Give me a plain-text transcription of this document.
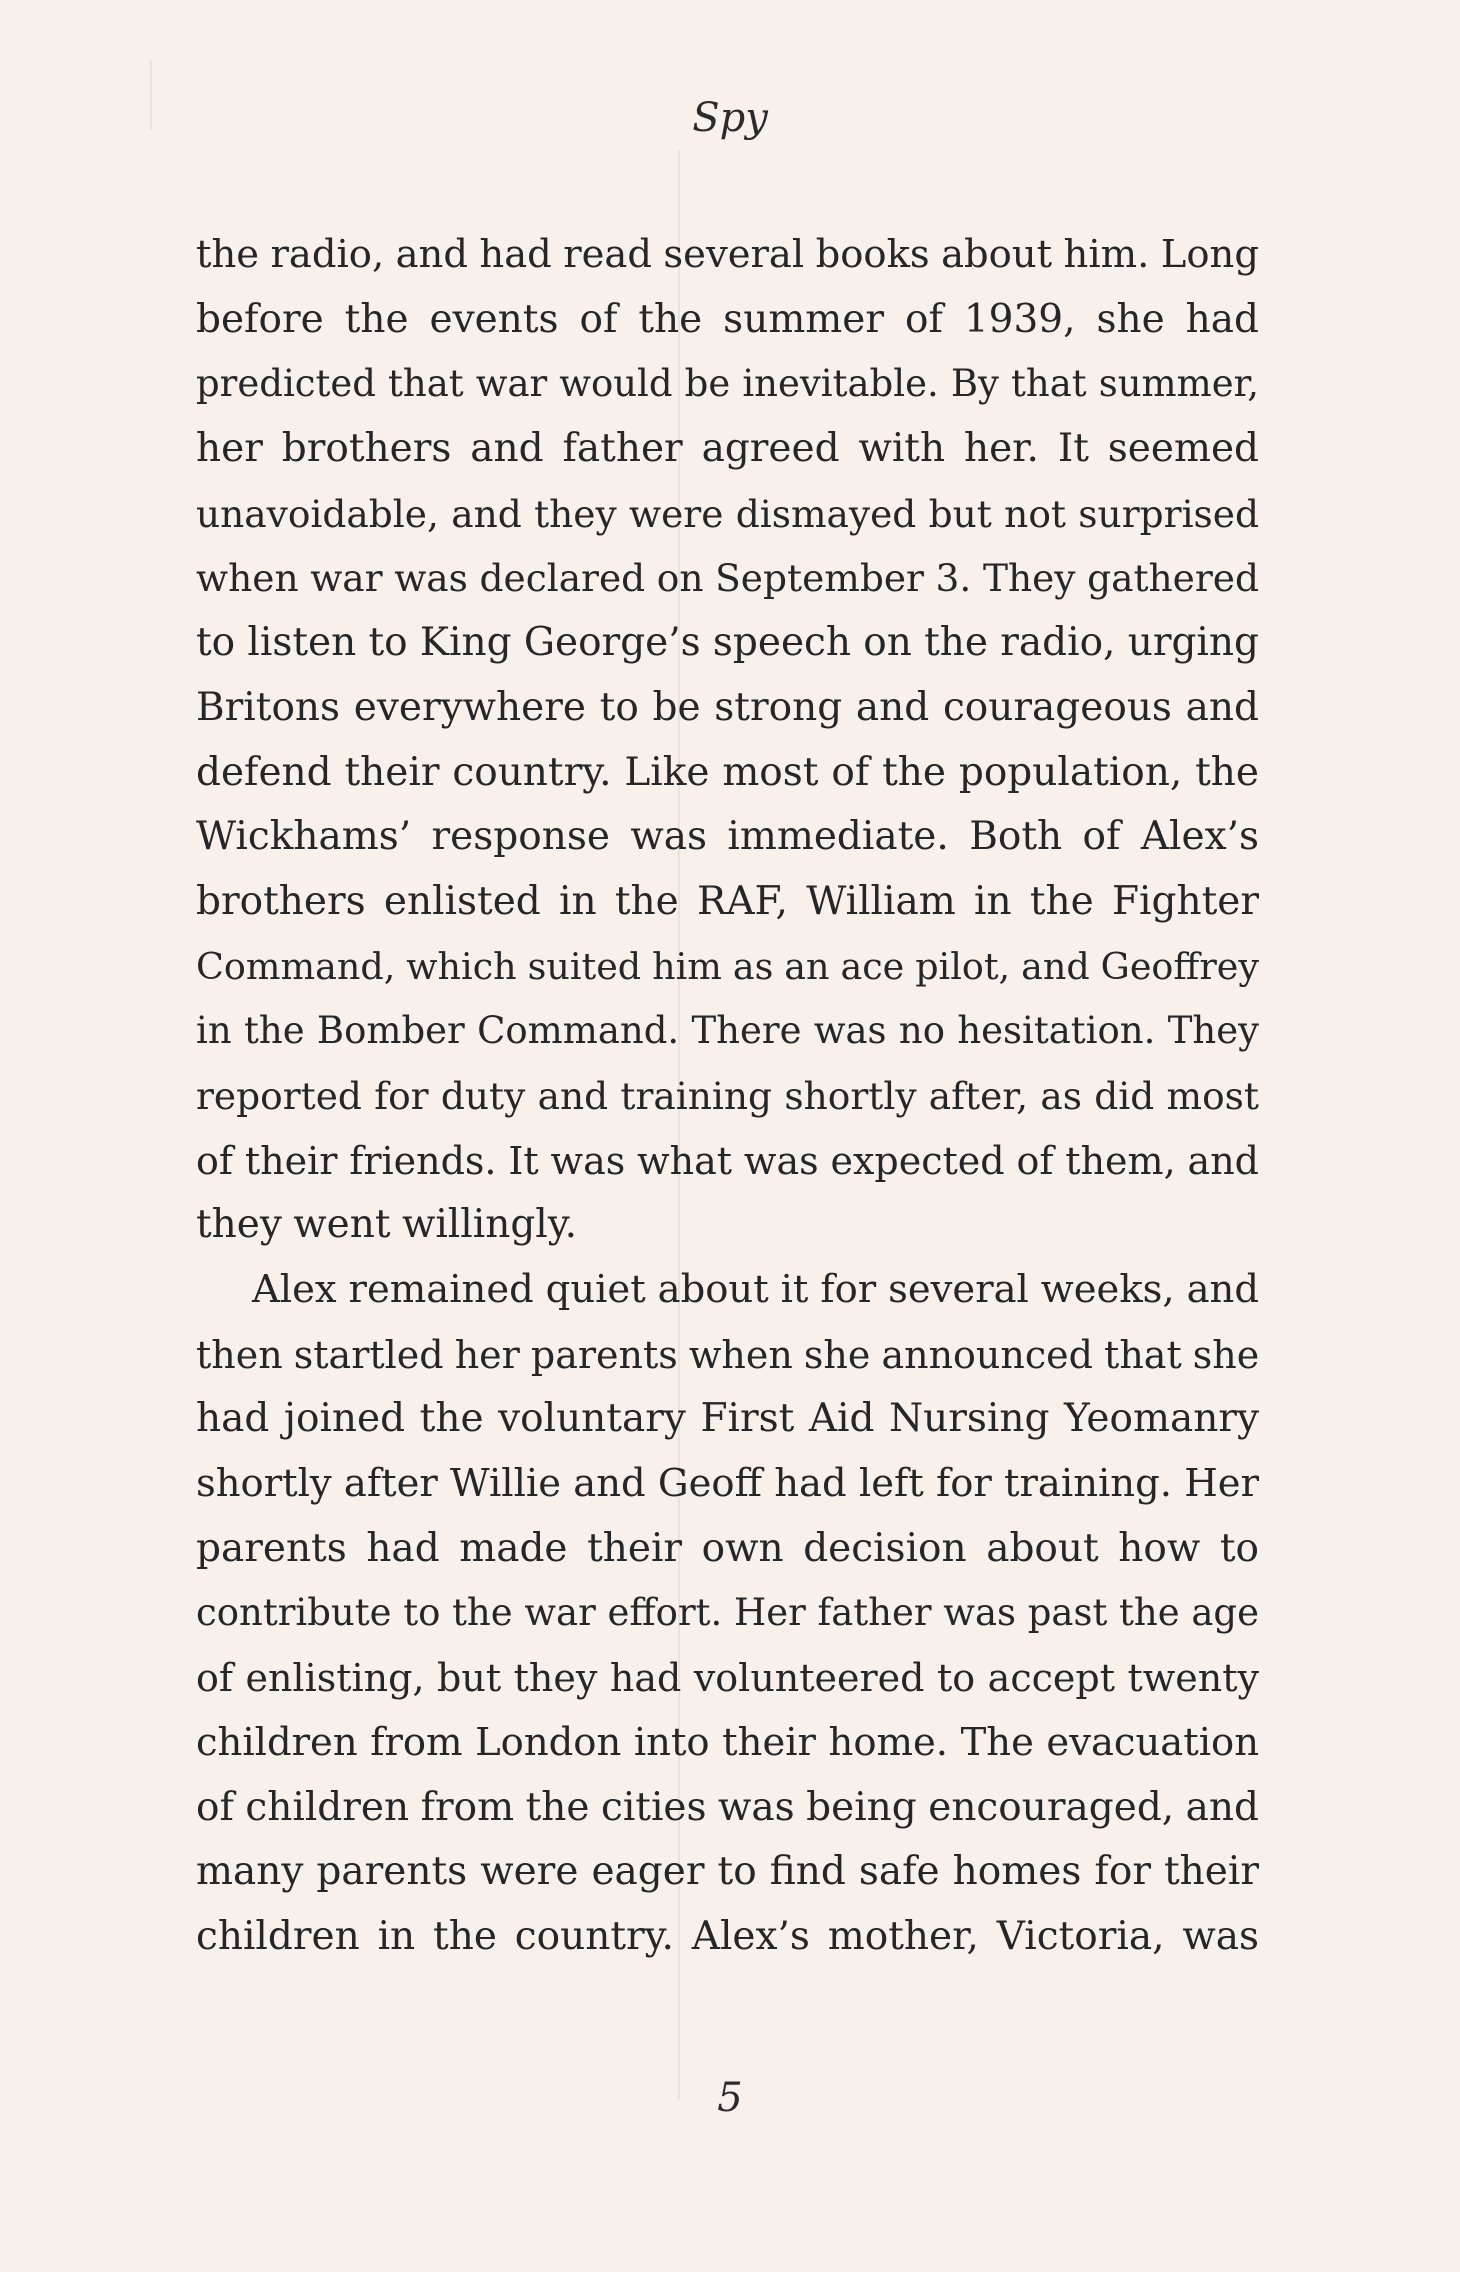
Spy
the radio, and had read several books about him. Long
before the events of the summer of 1939, she had
predicted that war would be inevitable. By that summer,
her brothers and father agreed with her. It seemed
unavoidable, and they were dismayed but not surprised
when war was declared on September 3. They gathered
to listen to King George’s speech on the radio, urging
Britons everywhere to be strong and courageous and
defend their country. Like most of the population, the
Wickhams’ response was immediate. Both of Alex’s
brothers enlisted in the RAF, William in the Fighter
Command, which suited him as an ace pilot, and Geoffrey
in the Bomber Command. There was no hesitation. They
reported for duty and training shortly after, as did most
of their friends. It was what was expected of them, and
they went willingly.
Alex remained quiet about it for several weeks, and
then startled her parents when she announced that she
had joined the voluntary First Aid Nursing Yeomanry
shortly after Willie and Geoff had left for training. Her
parents had made their own decision about how to
contribute to the war effort. Her father was past the age
of enlisting, but they had volunteered to accept twenty
children from London into their home. The evacuation
of children from the cities was being encouraged, and
many parents were eager to find safe homes for their
children in the country. Alex’s mother, Victoria, was
5
